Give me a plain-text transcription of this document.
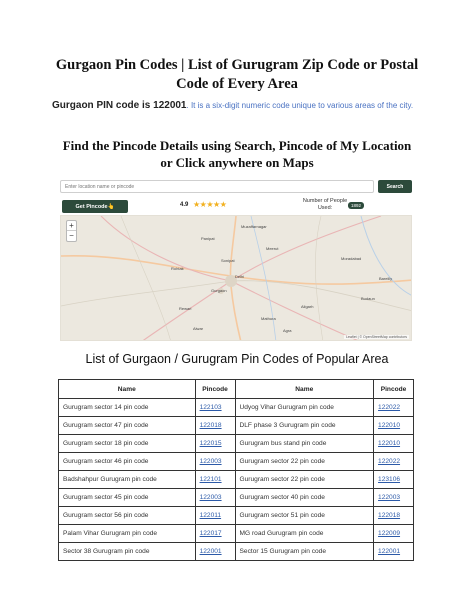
Gurgaon Pin Codes | List of Gurugram Zip Code or Postal Code of Every Area
Gurgaon PIN code is 122001. It is a six-digit numeric code unique to various areas of the city.
Find the Pincode Details using Search, Pincode of My Location or Click anywhere on Maps
Enter location name or pincode
Search
Get Pincode👆	4.9 ★★★★★	Number of People Used:	1892
+
−
Muzaffarnagar
Meerut
Delhi
Gurgaon
Rewari
Alwar
Mathura
Agra
Aligarh
Budaun
Moradabad
Sonipat
Panipat
Rohtak
Bareilly
Leaflet | © OpenStreetMap contributors
List of Gurgaon / Gurugram Pin Codes of Popular Area
Name	Pincode	Name	Pincode
Gurugram sector 14 pin code	122103	Udyog Vihar Gurugram pin code	122022
Gurugram sector 47 pin code	122018	DLF phase 3 Gurugram pin code	122010
Gurugram sector 18 pin code	122015	Gurugram bus stand pin code	122010
Gurugram sector 46 pin code	122003	Gurugram sector 22 pin code	122022
Badshahpur Gurugram pin code	122101	Gurugram sector 22 pin code	123106
Gurugram sector 45 pin code	122003	Gurugram sector 40 pin code	122003
Gurugram sector 56 pin code	122011	Gurugram sector 51 pin code	122018
Palam Vihar Gurugram pin code	122017	MG road Gurugram pin code	122009
Sector 38 Gurugram pin code	122001	Sector 15 Gurugram pin code	122001
